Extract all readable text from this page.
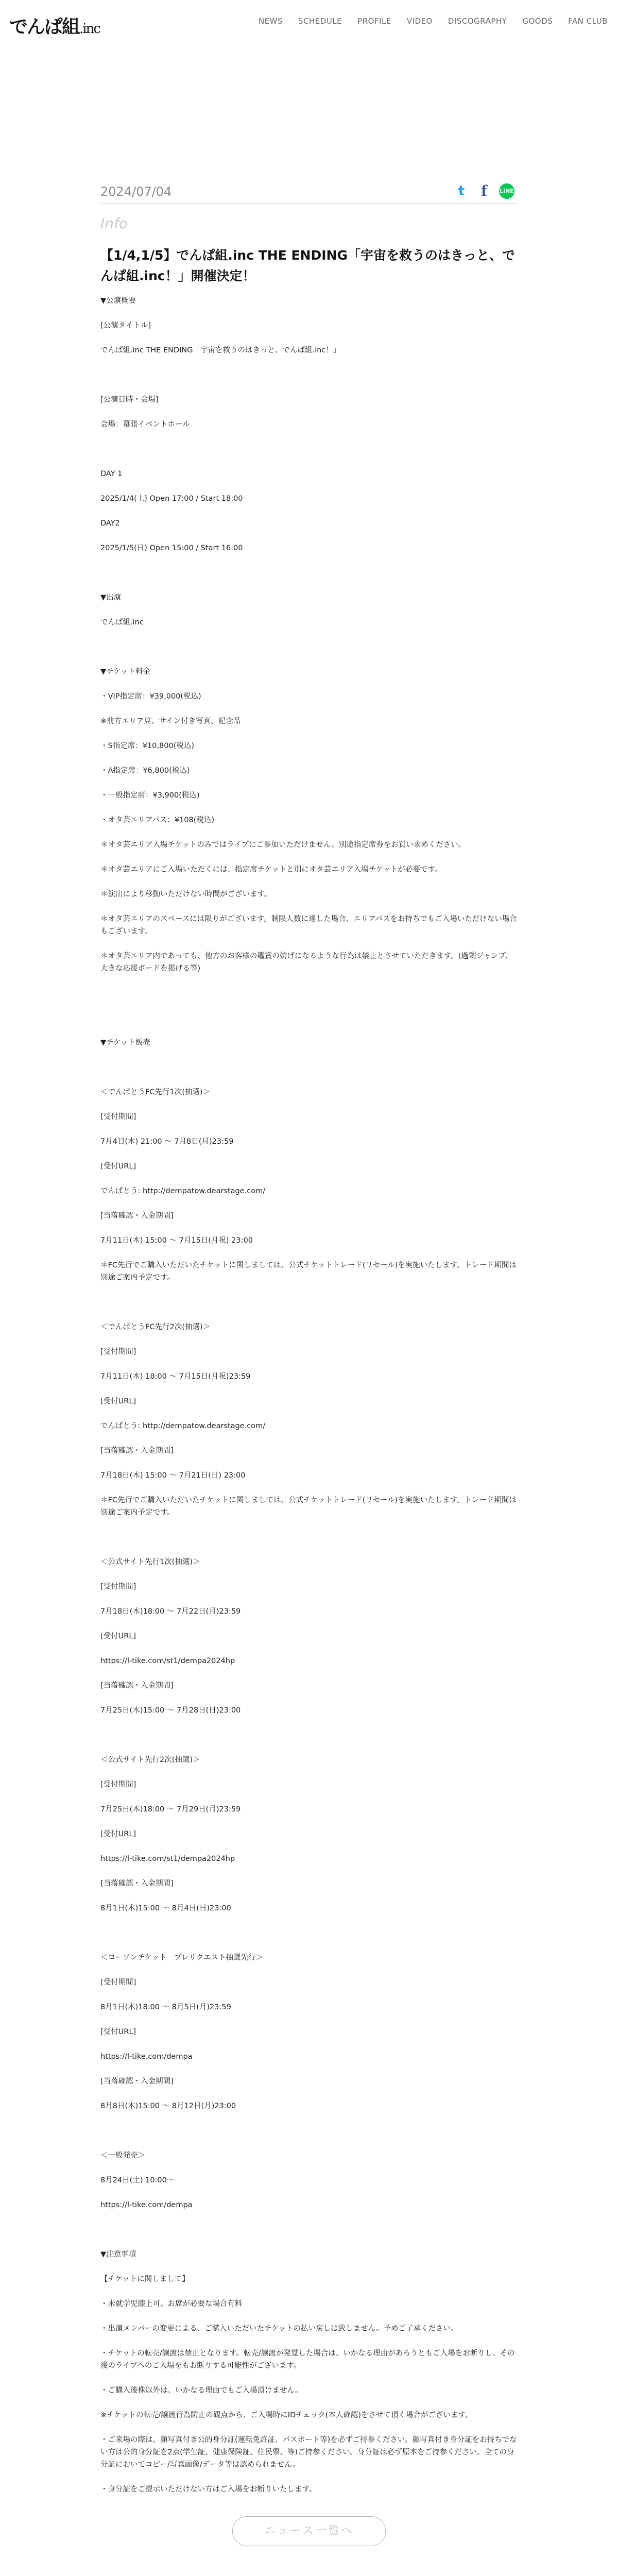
でんぱ組.inc	NEWS SCHEDULE PROFILE VIDEO DISCOGRAPHY GOODS FAN CLUB
2024/07/04	t	f	LINE
Info
【1/4,1/5】でんぱ組.inc THE ENDING「宇宙を救うのはきっと、でんぱ組.inc！」開催決定！
▼公演概要
[公演タイトル]
でんぱ組.inc THE ENDING「宇宙を救うのはきっと、でんぱ組.inc！」
[公演日時・会場]
会場：幕張イベントホール
DAY 1
2025/1/4(土) Open 17:00 / Start 18:00
DAY2
2025/1/5(日) Open 15:00 / Start 16:00
▼出演
でんぱ組.inc
▼チケット料金
・VIP指定席：¥39,000(税込)
※前方エリア席、サイン付き写真、記念品
・S指定席：¥10,800(税込)
・A指定席：¥6,800(税込)
・一般指定席：¥3,900(税込)
・オタ芸エリアパス：¥108(税込)
＊オタ芸エリア入場チケットのみではライブにご参加いただけません。別途指定席券をお買い求めください。
＊オタ芸エリアにご入場いただくには、指定席チケットと別にオタ芸エリア入場チケットが必要です。
＊演出により移動いただけない時間がございます。
＊オタ芸エリアのスペースには限りがございます。制限人数に達した場合、エリアパスをお持ちでもご入場いただけない場合もございます。
＊オタ芸エリア内であっても、他方のお客様の鑑賞の妨げになるような行為は禁止とさせていただきます。(過剰ジャンプ、大きな応援ボードを掲げる等)
▼チケット販売
＜でんぱとうFC先行1次(抽選)＞
[受付期間]
7月4日(木) 21:00 ～ 7月8日(月)23:59
[受付URL]
でんぱとう: http://dempatow.dearstage.com/
[当落確認・入金期間]
7月11日(木) 15:00 ～ 7月15日(月祝) 23:00
＊FC先行でご購入いただいたチケットに関しましては、公式チケットトレード(リセール)を実施いたします。トレード期間は別途ご案内予定です。
＜でんぱとうFC先行2次(抽選)＞
[受付期間]
7月11日(木) 18:00 ～ 7月15日(月祝)23:59
[受付URL]
でんぱとう: http://dempatow.dearstage.com/
[当落確認・入金期間]
7月18日(木) 15:00 ～ 7月21日(日) 23:00
＊FC先行でご購入いただいたチケットに関しましては、公式チケットトレード(リセール)を実施いたします。トレード期間は別途ご案内予定です。
＜公式サイト先行1次(抽選)＞
[受付期間]
7月18日(木)18:00 ～ 7月22日(月)23:59
[受付URL]
https://l-tike.com/st1/dempa2024hp
[当落確認・入金期間]
7月25日(木)15:00 ～ 7月28日(日)23:00
＜公式サイト先行2次(抽選)＞
[受付期間]
7月25日(木)18:00 ～ 7月29日(月)23:59
[受付URL]
https://l-tike.com/st1/dempa2024hp
[当落確認・入金期間]
8月1日(木)15:00 ～ 8月4日(日)23:00
＜ローソンチケット　プレリクエスト抽選先行＞
[受付期間]
8月1日(木)18:00 ～ 8月5日(月)23:59
[受付URL]
https://l-tike.com/dempa
[当落確認・入金期間]
8月8日(木)15:00 ～ 8月12日(月)23:00
＜一般発売＞
8月24日(土) 10:00～
https://l-tike.com/dempa
▼注意事項
【チケットに関しまして】
・未就学児膝上可。お席が必要な場合有料
・出演メンバーの変更による、ご購入いただいたチケットの払い戻しは致しません。予めご了承ください。
・チケットの転売/譲渡は禁止となります。転売/譲渡が発覚した場合は、いかなる理由があろうともご入場をお断りし、その後のライブへのご入場をもお断りする可能性がございます。
・ご購入後株以外は、いかなる理由でもご入場頂けません。
※チケットの転売/譲渡行為防止の観点から、ご入場時にIDチェック(本人確認)をさせて頂く場合がございます。
・ご来場の際は、顔写真付き公的身分証(運転免許証、パスポート等)を必ずご持参ください。顔写真付き身分証をお持ちでない方は公的身分証を2点(学生証、健康保険証、住民票、等)ご持参ください。身分証は必ず原本をご持参ください。全ての身分証においてコピー/写真画像/データ等は認められません。
・身分証をご提示いただけない方はご入場をお断りいたします。
ニュース一覧へ
